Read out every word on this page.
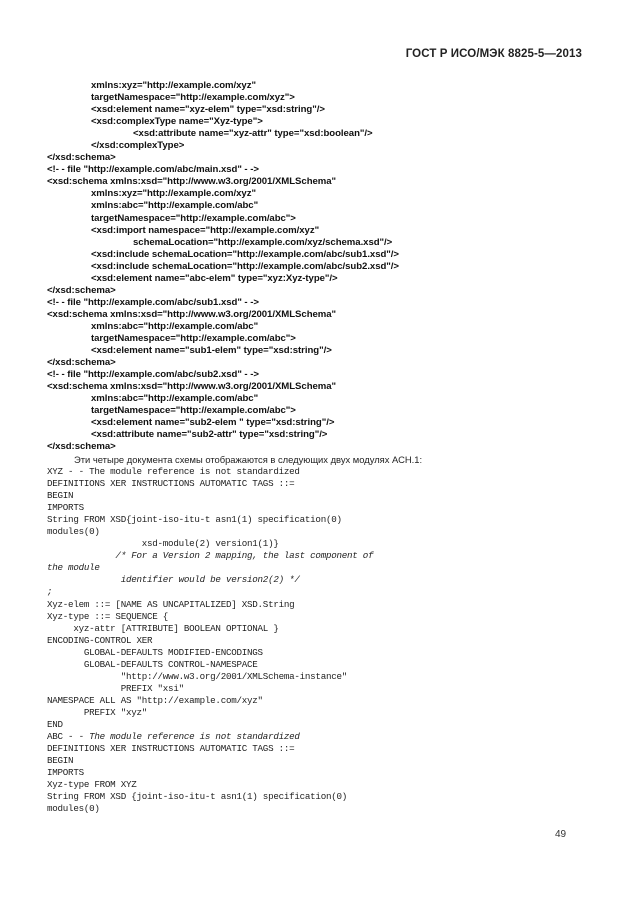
ГОСТ Р ИСО/МЭК 8825-5—2013
xmlns:xyz="http://example.com/xyz"
targetNamespace="http://example.com/xyz">
<xsd:element name="xyz-elem" type="xsd:string"/>
<xsd:complexType name="Xyz-type">
<xsd:attribute name="xyz-attr" type="xsd:boolean"/>
</xsd:complexType>
</xsd:schema>
<!- - file "http://example.com/abc/main.xsd" - ->
<xsd:schema xmlns:xsd="http://www.w3.org/2001/XMLSchema"
xmlns:xyz="http://example.com/xyz"
xmlns:abc="http://example.com/abc"
targetNamespace="http://example.com/abc">
<xsd:import namespace="http://example.com/xyz"
schemaLocation="http://example.com/xyz/schema.xsd"/>
<xsd:include schemaLocation="http://example.com/abc/sub1.xsd"/>
<xsd:include schemaLocation="http://example.com/abc/sub2.xsd"/>
<xsd:element name="abc-elem" type="xyz:Xyz-type"/>
</xsd:schema>
<!- - file "http://example.com/abc/sub1.xsd" - ->
<xsd:schema xmlns:xsd="http://www.w3.org/2001/XMLSchema"
xmlns:abc="http://example.com/abc"
targetNamespace="http://example.com/abc">
<xsd:element name="sub1-elem" type="xsd:string"/>
</xsd:schema>
<!- - file "http://example.com/abc/sub2.xsd" - ->
<xsd:schema xmlns:xsd="http://www.w3.org/2001/XMLSchema"
xmlns:abc="http://example.com/abc"
targetNamespace="http://example.com/abc">
<xsd:element name="sub2-elem " type="xsd:string"/>
<xsd:attribute name="sub2-attr" type="xsd:string"/>
</xsd:schema>
Эти четыре документа схемы отображаются в следующих двух модулях АСН.1:
XYZ - - The module reference is not standardized
DEFINITIONS XER INSTRUCTIONS AUTOMATIC TAGS ::=
BEGIN
IMPORTS
String FROM XSD{joint-iso-itu-t asn1(1) specification(0)
modules(0)
xsd-module(2) version1(1)}
/* For a Version 2 mapping, the last component of
the module
identifier would be version2(2) */
;
Xyz-elem ::= [NAME AS UNCAPITALIZED] XSD.String
Xyz-type ::= SEQUENCE {
xyz-attr [ATTRIBUTE] BOOLEAN OPTIONAL }
ENCODING-CONTROL XER
GLOBAL-DEFAULTS MODIFIED-ENCODINGS
GLOBAL-DEFAULTS CONTROL-NAMESPACE
"http://www.w3.org/2001/XMLSchema-instance"
PREFIX "xsi"
NAMESPACE ALL AS "http://example.com/xyz"
PREFIX "xyz"
END
ABC - - The module reference is not standardized
DEFINITIONS XER INSTRUCTIONS AUTOMATIC TAGS ::=
BEGIN
IMPORTS
Xyz-type FROM XYZ
String FROM XSD {joint-iso-itu-t asn1(1) specification(0)
modules(0)
49
